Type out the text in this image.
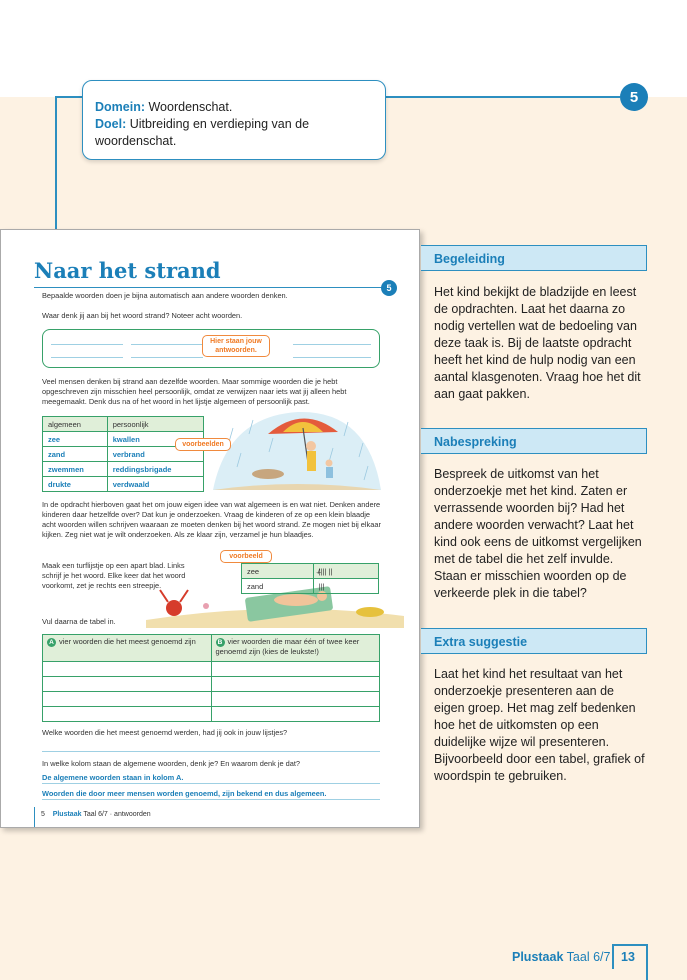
5
Domein: Woordenschat.
Doel: Uitbreiding en verdieping van de woordenschat.
Naar het strand
5
Bepaalde woorden doen je bijna automatisch aan andere woorden denken.
Waar denk jij aan bij het woord strand? Noteer acht woorden.
Hier staan jouw antwoorden.
Veel mensen denken bij strand aan dezelfde woorden. Maar sommige woorden die je hebt opgeschreven zijn misschien heel persoonlijk, omdat ze verwijzen naar iets wat jij alleen hebt meegemaakt. Denk dus na of het woord in het lijstje algemeen of persoonlijk past.
algemeen	persoonlijk
zee	kwallen
zand	verbrand
zwemmen	reddingsbrigade
drukte	verdwaald
voorbeelden
In de opdracht hierboven gaat het om jouw eigen idee van wat algemeen is en wat niet. Denken andere kinderen daar hetzelfde over? Dat kun je onderzoeken. Vraag de kinderen of ze op een klein blaadje acht woorden willen schrijven waaraan ze moeten denken bij het woord strand. Ze mogen niet bij elkaar kijken. Zeg niet wat je wilt onderzoeken. Als ze klaar zijn, verzamel je hun blaadjes.
Maak een turflijstje op een apart blad. Links schrijf je het woord. Elke keer dat het woord voorkomt, zet je rechts een streepje.
voorbeeld
zee	̶̸|||| ||
zand	|||
Vul daarna de tabel in.
A vier woorden die het meest genoemd zijn	B vier woorden die maar één of twee keer genoemd zijn (kies de leukste!)

Welke woorden die het meest genoemd werden, had jij ook in jouw lijstjes?
In welke kolom staan de algemene woorden, denk je? En waarom denk je dat?
De algemene woorden staan in kolom A.
Woorden die door meer mensen worden genoemd, zijn bekend en dus algemeen.
5 Plustaak Taal 6/7 · antwoorden
Begeleiding
Het kind bekijkt de bladzijde en leest de opdrachten. Laat het daarna zo nodig vertellen wat de bedoeling van deze taak is. Bij de laatste opdracht heeft het kind de hulp nodig van een aantal klasgenoten. Vraag hoe het dit aan gaat pakken.
Nabespreking
Bespreek de uitkomst van het onderzoekje met het kind. Zaten er verrassende woorden bij? Had het andere woorden verwacht? Laat het kind ook eens de uitkomst vergelijken met de tabel die het zelf invulde. Staan er misschien woorden op de verkeerde plek in die tabel?
Extra suggestie
Laat het kind het resultaat van het onderzoekje presenteren aan de eigen groep. Het mag zelf bedenken hoe het de uitkomsten op een duidelijke wijze wil presenteren. Bijvoorbeeld door een tabel, grafiek of woordspin te gebruiken.
Plustaak Taal 6/7 13
